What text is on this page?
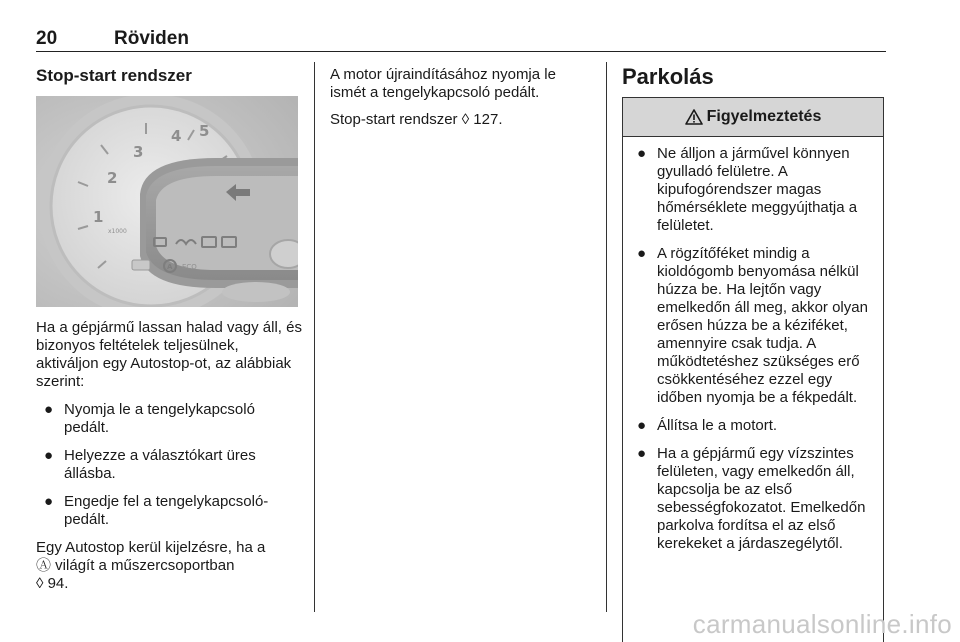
20	Röviden
Stop-start rendszer
1
2
3
4 5
x1000
A ECO

Ha a gépjármű lassan halad vagy áll, és bizonyos feltételek teljesülnek, aktiváljon egy Autostop-ot, az alábbiak szerint:

● Nyomja le a tengelykapcsoló pedált.
● Helyezze a választókart üres állásba.
● Engedje fel a tengelykapcsoló-pedált.

Egy Autostop kerül kijelzésre, ha a
Ⓐ világít a műszercsoportban
◊ 94.

A motor újraindításához nyomja le ismét a tengelykapcsoló pedált.

Stop-start rendszer ◊ 127.

Parkolás
Figyelmeztetés
● Ne álljon a járművel könnyen gyulladó felületre. A kipufogórendszer magas hőmérséklete meggyújthatja a felületet.
● A rögzítőféket mindig a kioldógomb benyomása nélkül húzza be. Ha lejtőn vagy emelkedőn áll meg, akkor olyan erősen húzza be a kéziféket, amennyire csak tudja. A működtetéshez szükséges erő csökkentéséhez ezzel egy időben nyomja be a fékpedált.
● Állítsa le a motort.
● Ha a gépjármű egy vízszintes felületen, vagy emelkedőn áll, kapcsolja be az első sebességfokozatot. Emelkedőn parkolva fordítsa el az első kerekeket a járdaszegélytől.
carmanualsonline.info
